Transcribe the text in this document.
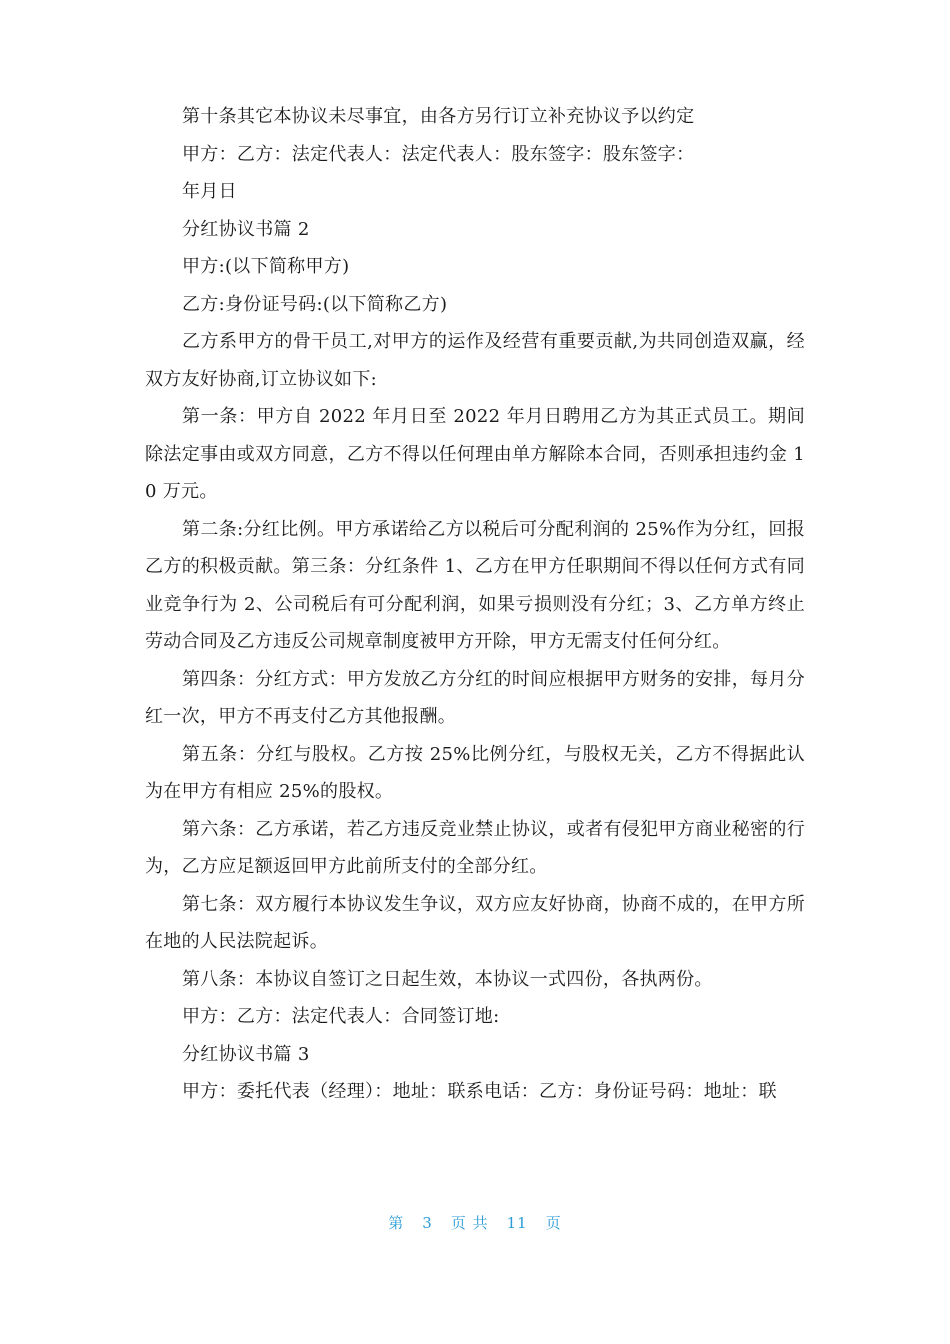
第十条其它本协议未尽事宜，由各方另行订立补充协议予以约定

甲方：乙方：法定代表人：法定代表人：股东签字：股东签字：

年月日

分红协议书篇 2

甲方:(以下简称甲方)

乙方:身份证号码:(以下简称乙方)

乙方系甲方的骨干员工,对甲方的运作及经营有重要贡献,为共同创造双赢，经双方友好协商,订立协议如下:

第一条：甲方自 2022 年月日至 2022 年月日聘用乙方为其正式员工。期间除法定事由或双方同意，乙方不得以任何理由单方解除本合同，否则承担违约金 10 万元。

第二条:分红比例。甲方承诺给乙方以税后可分配利润的 25%作为分红，回报乙方的积极贡献。第三条：分红条件 1、乙方在甲方任职期间不得以任何方式有同业竞争行为 2、公司税后有可分配利润，如果亏损则没有分红；3、乙方单方终止劳动合同及乙方违反公司规章制度被甲方开除，甲方无需支付任何分红。

第四条：分红方式：甲方发放乙方分红的时间应根据甲方财务的安排，每月分红一次，甲方不再支付乙方其他报酬。

第五条：分红与股权。乙方按 25%比例分红，与股权无关，乙方不得据此认为在甲方有相应 25%的股权。

第六条：乙方承诺，若乙方违反竞业禁止协议，或者有侵犯甲方商业秘密的行为，乙方应足额返回甲方此前所支付的全部分红。

第七条：双方履行本协议发生争议，双方应友好协商，协商不成的，在甲方所在地的人民法院起诉。

第八条：本协议自签订之日起生效，本协议一式四份，各执两份。

甲方：乙方：法定代表人：合同签订地:

分红协议书篇 3

甲方：委托代表（经理）：地址：联系电话：乙方：身份证号码：地址：联

第 3 页 共 11 页
